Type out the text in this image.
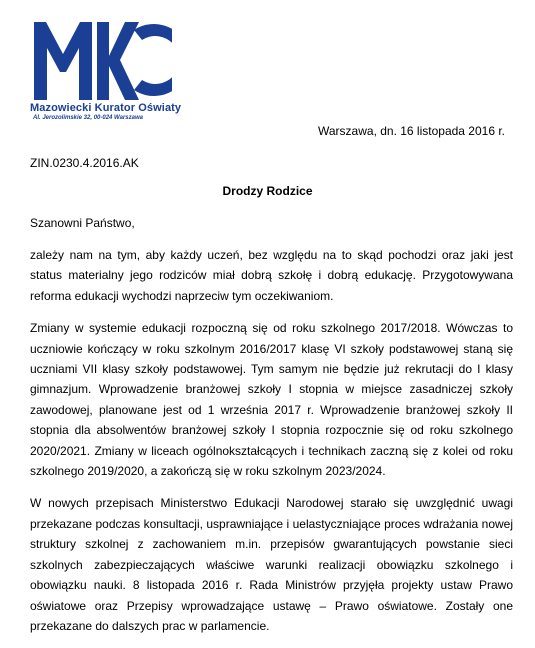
Mazowiecki Kurator Oświaty
Al. Jerozolimskie 32, 00-024 Warszawa
Warszawa, dn. 16 listopada 2016 r.
ZIN.0230.4.2016.AK
Drodzy Rodzice
Szanowni Państwo,

zależy nam na tym, aby każdy uczeń, bez względu na to skąd pochodzi oraz jaki jest status materialny jego rodziców miał dobrą szkołę i dobrą edukację. Przygotowywana reforma edukacji wychodzi naprzeciw tym oczekiwaniom.

Zmiany w systemie edukacji rozpoczną się od roku szkolnego 2017/2018. Wówczas to uczniowie kończący w roku szkolnym 2016/2017 klasę VI szkoły podstawowej staną się uczniami VII klasy szkoły podstawowej. Tym samym nie będzie już rekrutacji do I klasy gimnazjum. Wprowadzenie branżowej szkoły I stopnia w miejsce zasadniczej szkoły zawodowej, planowane jest od 1 września 2017 r. Wprowadzenie branżowej szkoły II stopnia dla absolwentów branżowej szkoły I stopnia rozpocznie się od roku szkolnego 2020/2021. Zmiany w liceach ogólnokształcących i technikach zaczną się z kolei od roku szkolnego 2019/2020, a zakończą się w roku szkolnym 2023/2024.

W nowych przepisach Ministerstwo Edukacji Narodowej starało się uwzględnić uwagi przekazane podczas konsultacji, usprawniające i uelastyczniające proces wdrażania nowej struktury szkolnej z zachowaniem m.in. przepisów gwarantujących powstanie sieci szkolnych zabezpieczających właściwe warunki realizacji obowiązku szkolnego i obowiązku nauki. 8 listopada 2016 r. Rada Ministrów przyjęła projekty ustaw Prawo oświatowe oraz Przepisy wprowadzające ustawę – Prawo oświatowe. Zostały one przekazane do dalszych prac w parlamencie.
